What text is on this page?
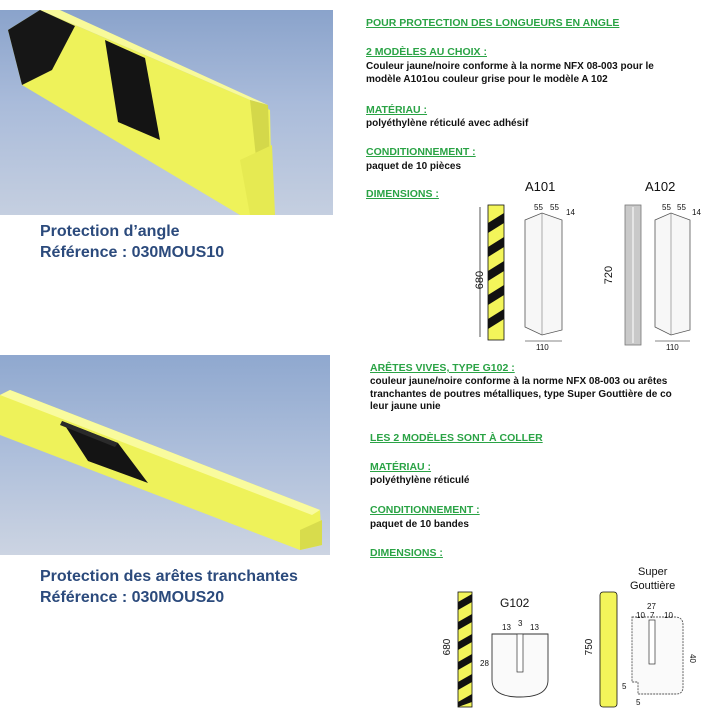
Protection d’angle
Référence : 030MOUS10
POUR PROTECTION DES LONGUEURS EN ANGLE
2 MODÈLES AU CHOIX :
Couleur jaune/noire conforme à la norme NFX 08-003 pour le
modèle A101ou couleur grise pour le modèle A 102
MATÉRIAU :
polyéthylène réticulé avec adhésif
CONDITIONNEMENT :
paquet de 10 pièces
DIMENSIONS :
680
A101
55 55
14
110
720
A102
55 55
14
110
Protection des arêtes tranchantes
Référence : 030MOUS20
ARÊTES VIVES, TYPE G102 :
couleur jaune/noire conforme à la norme NFX 08-003 ou arêtes
tranchantes de poutres métalliques, type Super Gouttière de co
leur jaune unie
LES 2 MODÈLES SONT À COLLER
MATÉRIAU :
polyéthylène réticulé
CONDITIONNEMENT :
paquet de 10 bandes
DIMENSIONS :
680
G102
13 3 13
28
750
Super
Gouttière
27
10 7 10
40
5
5
